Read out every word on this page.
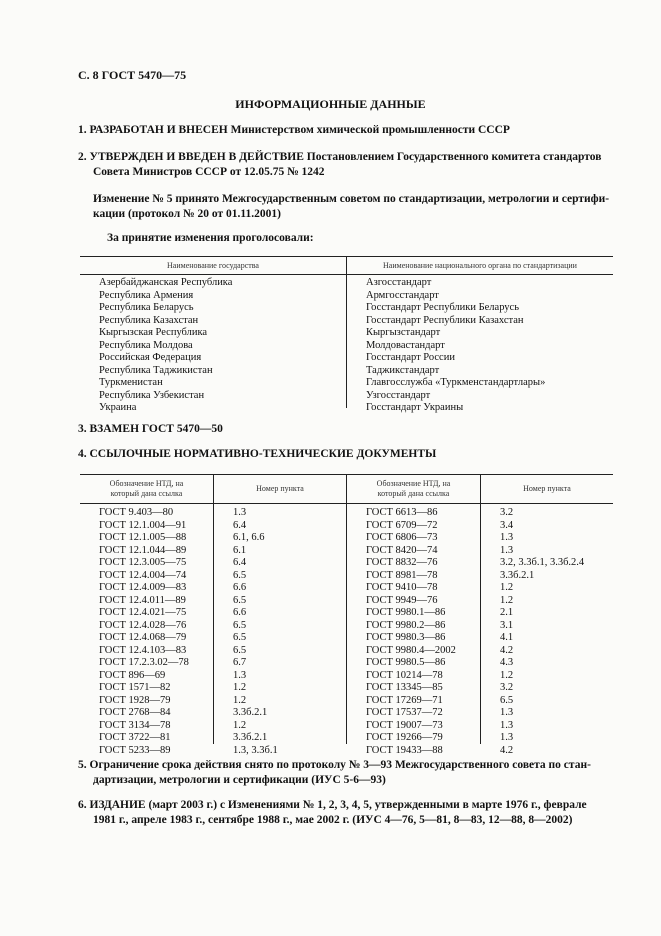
С. 8 ГОСТ 5470—75
ИНФОРМАЦИОННЫЕ ДАННЫЕ
1. РАЗРАБОТАН И ВНЕСЕН Министерством химической промышленности СССР
2. УТВЕРЖДЕН И ВВЕДЕН В ДЕЙСТВИЕ Постановлением Государственного комитета стандартов
Совета Министров СССР от 12.05.75 № 1242
Изменение № 5 принято Межгосударственным советом по стандартизации, метрологии и сертифи-
кации (протокол № 20 от 01.11.2001)
За принятие изменения проголосовали:
Наименование государства	Наименование национального органа по стандартизации
Азербайджанская Республика
Республика Армения
Республика Беларусь
Республика Казахстан
Кыргызская Республика
Республика Молдова
Российская Федерация
Республика Таджикистан
Туркменистан
Республика Узбекистан
Украина
Азгосстандарт
Армгосстандарт
Госстандарт Республики Беларусь
Госстандарт Республики Казахстан
Кыргызстандарт
Молдовастандарт
Госстандарт России
Таджикстандарт
Главгосслужба «Туркменстандартлары»
Узгосстандарт
Госстандарт Украины
3. ВЗАМЕН ГОСТ 5470—50
4. ССЫЛОЧНЫЕ НОРМАТИВНО-ТЕХНИЧЕСКИЕ ДОКУМЕНТЫ
Обозначение НТД, на
который дана ссылка
Номер пункта
Обозначение НТД, на
который дана ссылка
Номер пункта
ГОСТ 9.403—80
ГОСТ 12.1.004—91
ГОСТ 12.1.005—88
ГОСТ 12.1.044—89
ГОСТ 12.3.005—75
ГОСТ 12.4.004—74
ГОСТ 12.4.009—83
ГОСТ 12.4.011—89
ГОСТ 12.4.021—75
ГОСТ 12.4.028—76
ГОСТ 12.4.068—79
ГОСТ 12.4.103—83
ГОСТ 17.2.3.02—78
ГОСТ 896—69
ГОСТ 1571—82
ГОСТ 1928—79
ГОСТ 2768—84
ГОСТ 3134—78
ГОСТ 3722—81
ГОСТ 5233—89
1.3
6.4
6.1, 6.6
6.1
6.4
6.5
6.6
6.5
6.6
6.5
6.5
6.5
6.7
1.3
1.2
1.2
3.3б.2.1
1.2
3.3б.2.1
1.3, 3.3б.1
ГОСТ 6613—86
ГОСТ 6709—72
ГОСТ 6806—73
ГОСТ 8420—74
ГОСТ 8832—76
ГОСТ 8981—78
ГОСТ 9410—78
ГОСТ 9949—76
ГОСТ 9980.1—86
ГОСТ 9980.2—86
ГОСТ 9980.3—86
ГОСТ 9980.4—2002
ГОСТ 9980.5—86
ГОСТ 10214—78
ГОСТ 13345—85
ГОСТ 17269—71
ГОСТ 17537—72
ГОСТ 19007—73
ГОСТ 19266—79
ГОСТ 19433—88
3.2
3.4
1.3
1.3
3.2, 3.3б.1, 3.3б.2.4
3.3б.2.1
1.2
1.2
2.1
3.1
4.1
4.2
4.3
1.2
3.2
6.5
1.3
1.3
1.3
4.2
5. Ограничение срока действия снято по протоколу № 3—93 Межгосударственного совета по стан-
дартизации, метрологии и сертификации (ИУС 5-6—93)
6. ИЗДАНИЕ (март 2003 г.) с Изменениями № 1, 2, 3, 4, 5, утвержденными в марте 1976 г., феврале
1981 г., апреле 1983 г., сентябре 1988 г., мае 2002 г. (ИУС 4—76, 5—81, 8—83, 12—88, 8—2002)
